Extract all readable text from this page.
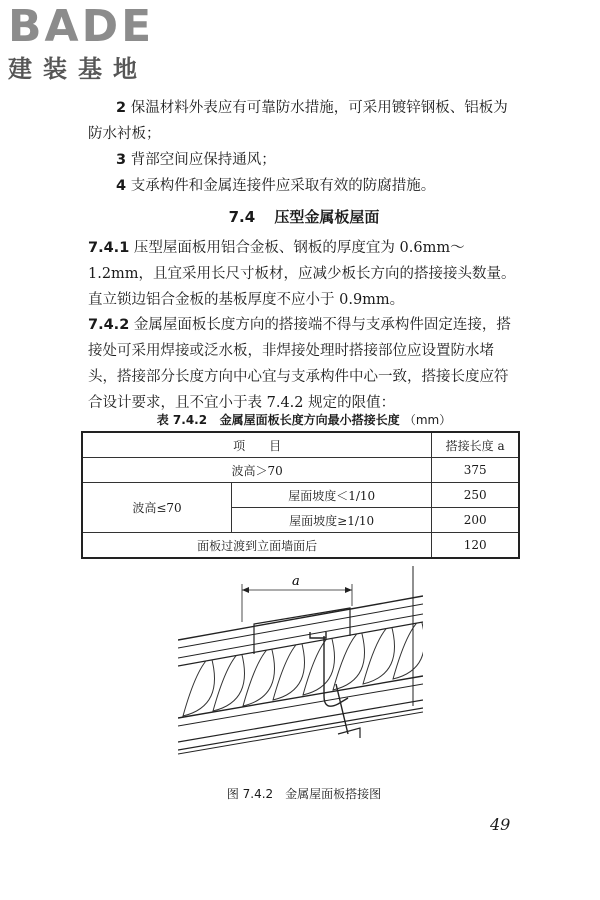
BADE
建装基地

2 保温材料外表应有可靠防水措施，可采用镀锌钢板、铝板为防水衬板；

3 背部空间应保持通风；

4 支承构件和金属连接件应采取有效的防腐措施。

7.4 压型金属板屋面

7.4.1 压型屋面板用铝合金板、钢板的厚度宜为 0.6mm～1.2mm，且宜采用长尺寸板材，应减少板长方向的搭接接头数量。直立锁边铝合金板的基板厚度不应小于 0.9mm。

7.4.2 金属屋面板长度方向的搭接端不得与支承构件固定连接，搭接处可采用焊接或泛水板，非焊接处理时搭接部位应设置防水堵头，搭接部分长度方向中心宜与支承构件中心一致，搭接长度应符合设计要求，且不宜小于表 7.4.2 规定的限值：

表 7.4.2 金属屋面板长度方向最小搭接长度 （mm）
项　　目		搭接长度 a
波高＞70		375
波高≤70	屋面坡度＜1/10	250
	屋面坡度≥1/10	200
面板过渡到立面墙面后		120
a
图 7.4.2　金属屋面板搭接图
49
